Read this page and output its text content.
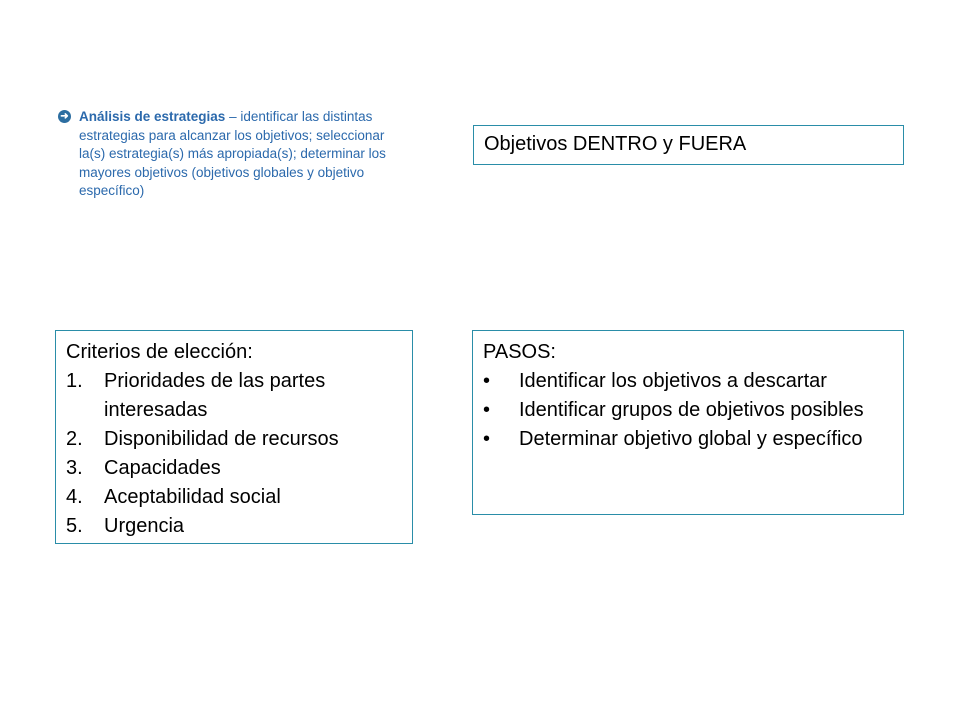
➜ Análisis de estrategias – identificar las distintas estrategias para alcanzar los objetivos; seleccionar la(s) estrategia(s) más apropiada(s); determinar los mayores objetivos (objetivos globales y objetivo específico)

Objetivos DENTRO y FUERA

Criterios de elección:

1.	Prioridades de las partes interesadas
2.	Disponibilidad de recursos
3.	Capacidades
4.	Aceptabilidad social
5.	Urgencia

PASOS:

•	Identificar los objetivos a descartar
•	Identificar grupos de objetivos posibles
•	Determinar objetivo global y específico
